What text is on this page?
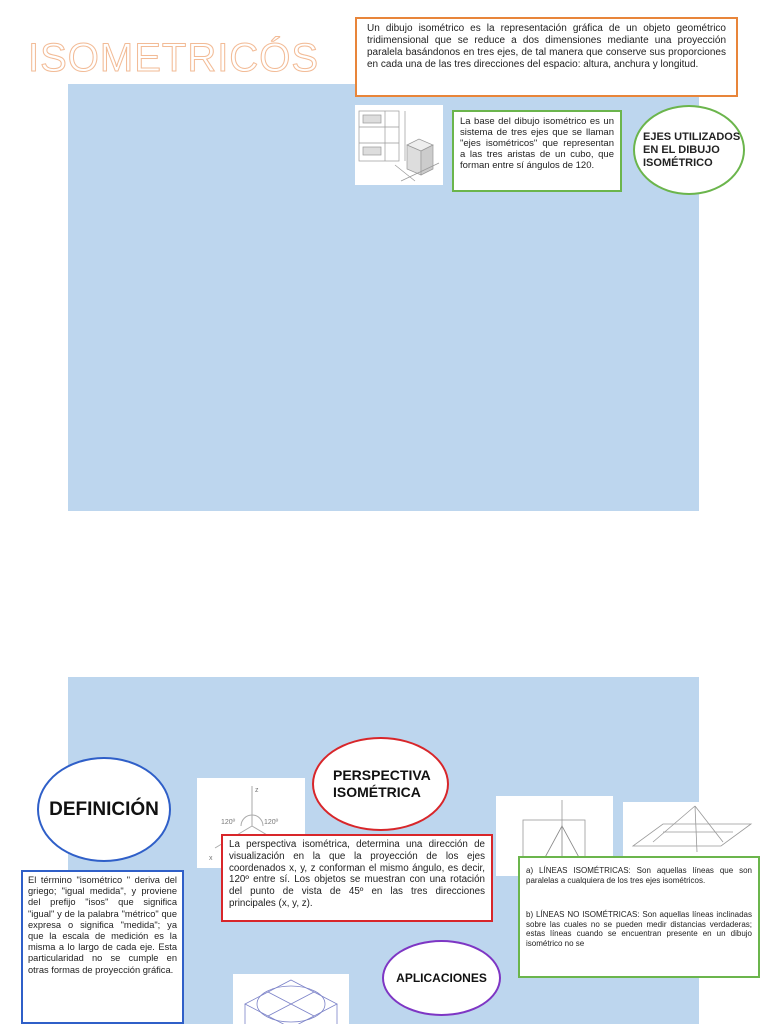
ISOMETRICÓS
Un dibujo isométrico es la representación gráfica de un objeto geométrico tridimensional que se reduce a dos dimensiones mediante una proyección paralela basándonos en tres ejes, de tal manera que conserve sus proporciones en cada una de las tres direcciones del espacio: altura, anchura y longitud.
La base del dibujo isométrico es un sistema de tres ejes que se llaman "ejes isométricos" que representan a las tres aristas de un cubo, que forman entre sí ángulos de 120.
EJES UTILIZADOS EN EL DIBUJO ISOMÉTRICO
DEFINICIÓN
z
x
120º	120º
PERSPECTIVA ISOMÉTRICA
El término "isométrico " deriva del griego; "igual medida", y proviene del prefijo "isos" que significa "igual" y de la palabra "métrico" que expresa o significa "medida"; ya que la escala de medición es la misma a lo largo de cada eje. Esta particularidad no se cumple en otras formas de proyección gráfica.
La perspectiva isométrica, determina una dirección de visualización en la que la proyección de los ejes coordenados x, y, z conforman el mismo ángulo, es decir, 120º entre sí. Los objetos se muestran con una rotación del punto de vista de 45º en las tres direcciones principales (x, y, z).

a) LÍNEAS ISOMÉTRICAS: Son aquellas líneas que son paralelas a cualquiera de los tres ejes isométricos.

b) LÍNEAS NO ISOMÉTRICAS: Son aquellas líneas inclinadas sobre las cuales no se pueden medir distancias verdaderas; estas líneas cuando se encuentran presente en un dibujo isométrico no se

APLICACIONES
